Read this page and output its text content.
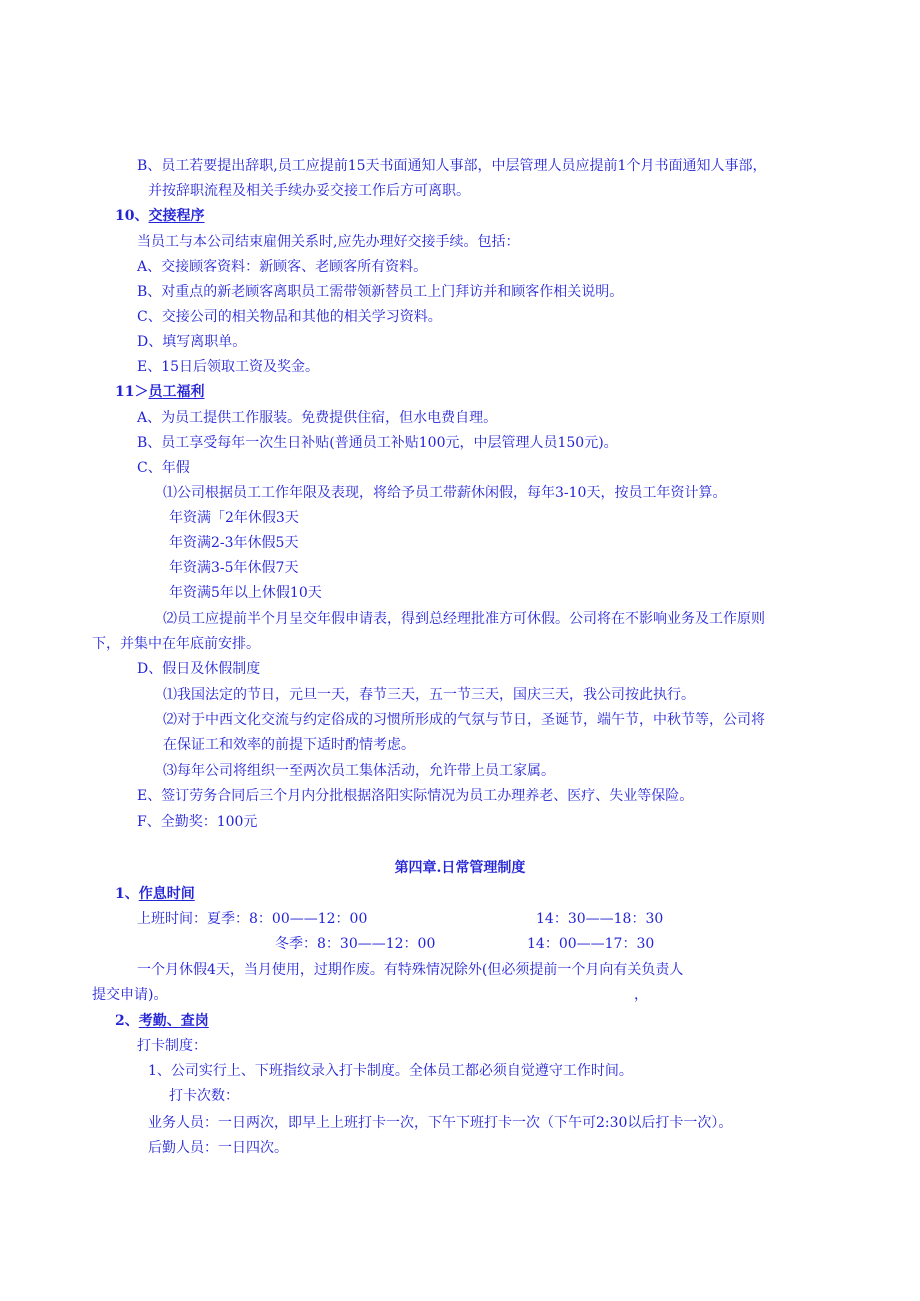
B、员工若要提出辞职,员工应提前15天书面通知人事部，中层管理人员应提前1个月书面通知人事部，
并按辞职流程及相关手续办妥交接工作后方可离职。
10、交接程序
当员工与本公司结束雇佣关系时,应先办理好交接手续。包括：
A、交接顾客资料：新顾客、老顾客所有资料。
B、对重点的新老顾客离职员工需带领新替员工上门拜访并和顾客作相关说明。
C、交接公司的相关物品和其他的相关学习资料。
D、填写离职单。
E、15日后领取工资及奖金。
11＞员工福利
A、为员工提供工作服装。免费提供住宿，但水电费自理。
B、员工享受每年一次生日补贴(普通员工补贴100元，中层管理人员150元)。
C、年假
⑴公司根据员工工作年限及表现，将给予员工带薪休闲假，每年3-10天，按员工年资计算。
年资满「2年休假3天
年资满2-3年休假5天
年资满3-5年休假7天
年资满5年以上休假10天
⑵员工应提前半个月呈交年假申请表，得到总经理批准方可休假。公司将在不影响业务及工作原则
下，并集中在年底前安排。
D、假日及休假制度
⑴我国法定的节日，元旦一天，春节三天，五一节三天，国庆三天，我公司按此执行。
⑵对于中西文化交流与约定俗成的习惯所形成的气氛与节日，圣诞节，端午节，中秋节等，公司将
在保证工和效率的前提下适时酌情考虑。
⑶每年公司将组织一至两次员工集体活动，允许带上员工家属。
E、签订劳务合同后三个月内分批根据洛阳实际情况为员工办理养老、医疗、失业等保险。
F、全勤奖：100元
第四章.日常管理制度
1、作息时间
上班时间：夏季：8：00——12：00	14：30——18：30
冬季：8：30——12：00	14：00——17：30
一个月休假4天，当月使用，过期作废。有特殊情况除外(但必须提前一个月向有关负责人
提交申请)。	，
2、考勤、查岗
打卡制度：
1、公司实行上、下班指纹录入打卡制度。全体员工都必须自觉遵守工作时间。
打卡次数：
业务人员：一日两次，即早上上班打卡一次，下午下班打卡一次（下午可2:30以后打卡一次）。
后勤人员：一日四次。
